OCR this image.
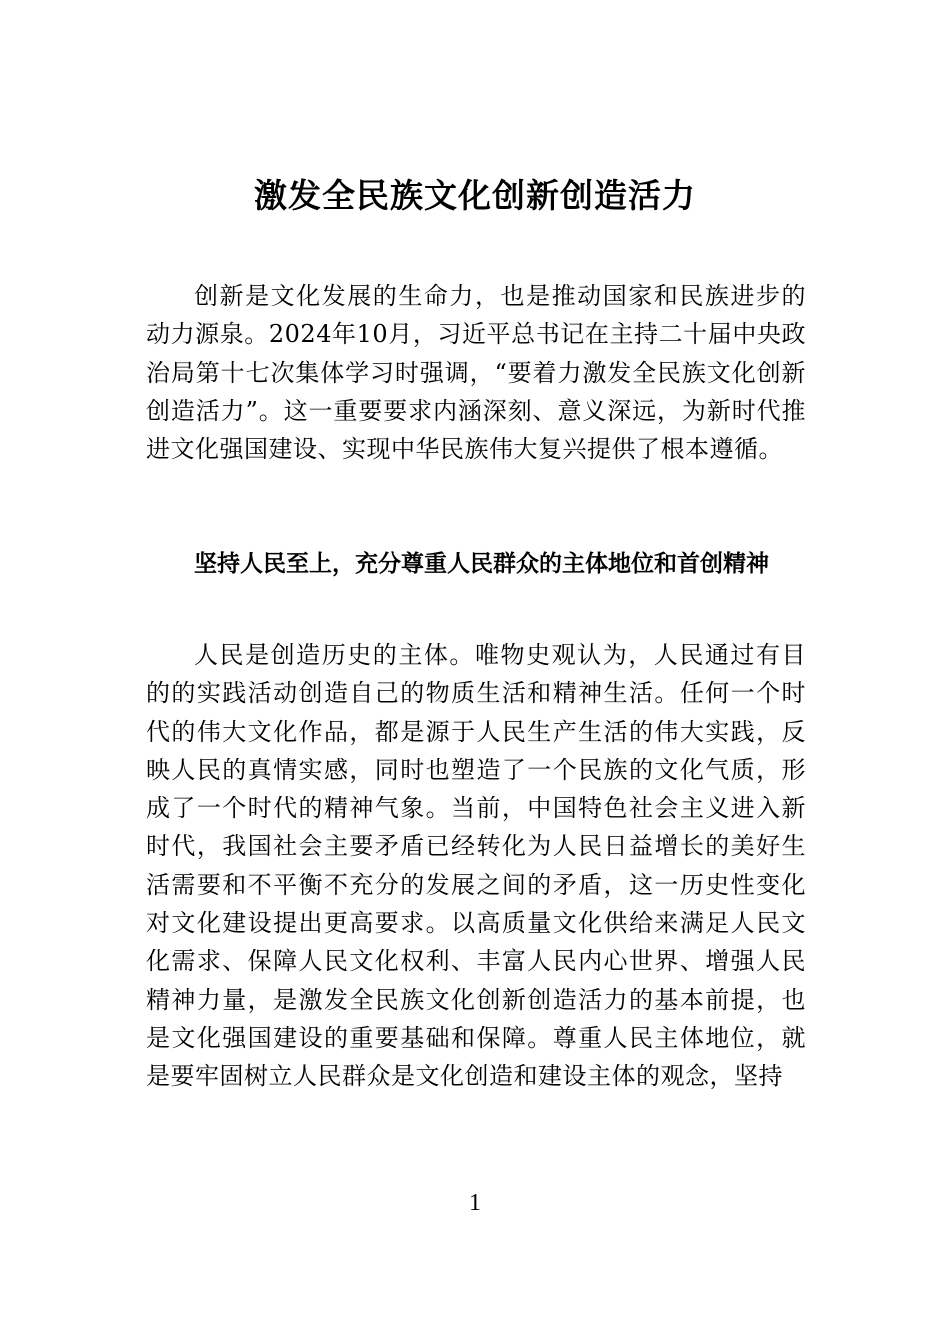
激发全民族文化创新创造活力

创新是文化发展的生命力，也是推动国家和民族进步的动力源泉。2024年10月，习近平总书记在主持二十届中央政治局第十七次集体学习时强调，“要着力激发全民族文化创新创造活力”。这一重要要求内涵深刻、意义深远，为新时代推进文化强国建设、实现中华民族伟大复兴提供了根本遵循。

坚持人民至上，充分尊重人民群众的主体地位和首创精神

人民是创造历史的主体。唯物史观认为，人民通过有目的的实践活动创造自己的物质生活和精神生活。任何一个时代的伟大文化作品，都是源于人民生产生活的伟大实践，反映人民的真情实感，同时也塑造了一个民族的文化气质，形成了一个时代的精神气象。当前，中国特色社会主义进入新时代，我国社会主要矛盾已经转化为人民日益增长的美好生活需要和不平衡不充分的发展之间的矛盾，这一历史性变化对文化建设提出更高要求。以高质量文化供给来满足人民文化需求、保障人民文化权利、丰富人民内心世界、增强人民精神力量，是激发全民族文化创新创造活力的基本前提，也是文化强国建设的重要基础和保障。尊重人民主体地位，就是要牢固树立人民群众是文化创造和建设主体的观念，坚持

1
